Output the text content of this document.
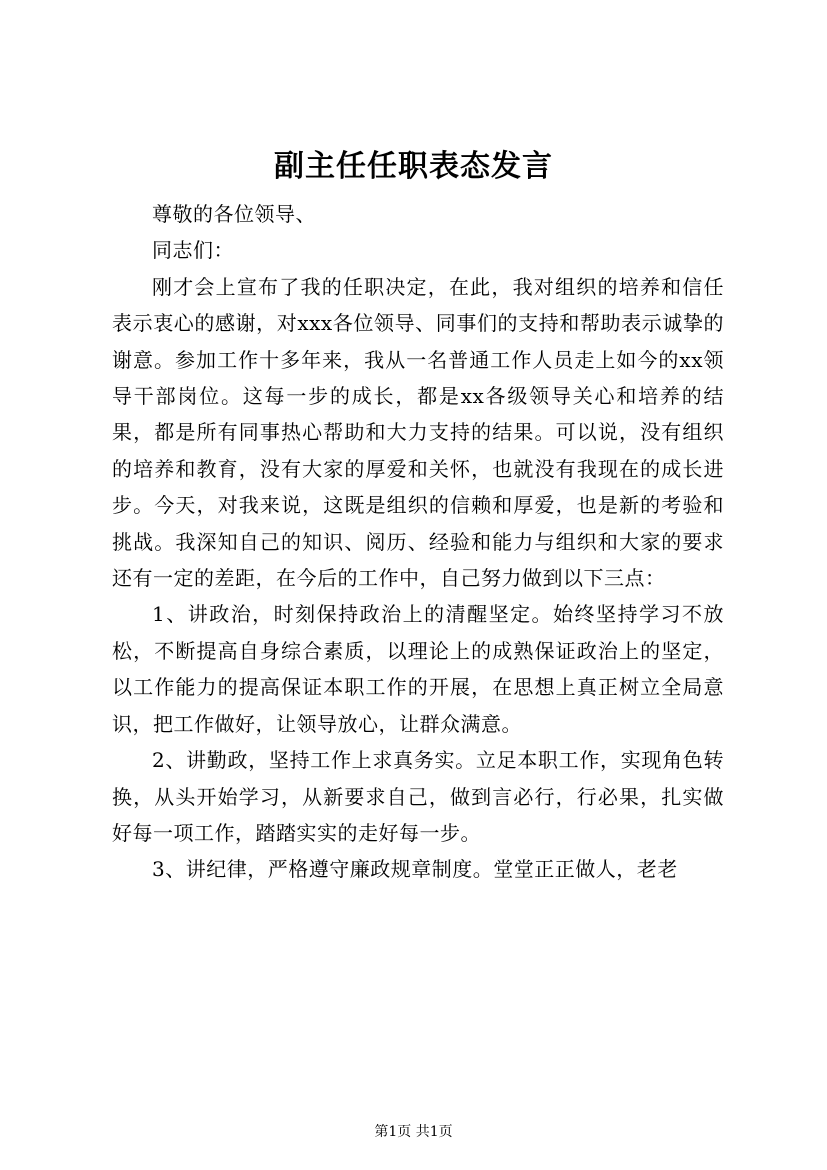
副主任任职表态发言

尊敬的各位领导、

同志们：

刚才会上宣布了我的任职决定，在此，我对组织的培养和信任表示衷心的感谢，对xxx各位领导、同事们的支持和帮助表示诚挚的谢意。参加工作十多年来，我从一名普通工作人员走上如今的xx领导干部岗位。这每一步的成长，都是xx各级领导关心和培养的结果，都是所有同事热心帮助和大力支持的结果。可以说，没有组织的培养和教育，没有大家的厚爱和关怀，也就没有我现在的成长进步。今天，对我来说，这既是组织的信赖和厚爱，也是新的考验和挑战。我深知自己的知识、阅历、经验和能力与组织和大家的要求还有一定的差距，在今后的工作中，自己努力做到以下三点：

1、讲政治，时刻保持政治上的清醒坚定。始终坚持学习不放松，不断提高自身综合素质，以理论上的成熟保证政治上的坚定，以工作能力的提高保证本职工作的开展，在思想上真正树立全局意识，把工作做好，让领导放心，让群众满意。

2、讲勤政，坚持工作上求真务实。立足本职工作，实现角色转换，从头开始学习，从新要求自己，做到言必行，行必果，扎实做好每一项工作，踏踏实实的走好每一步。

3、讲纪律，严格遵守廉政规章制度。堂堂正正做人，老老

第1页 共1页
